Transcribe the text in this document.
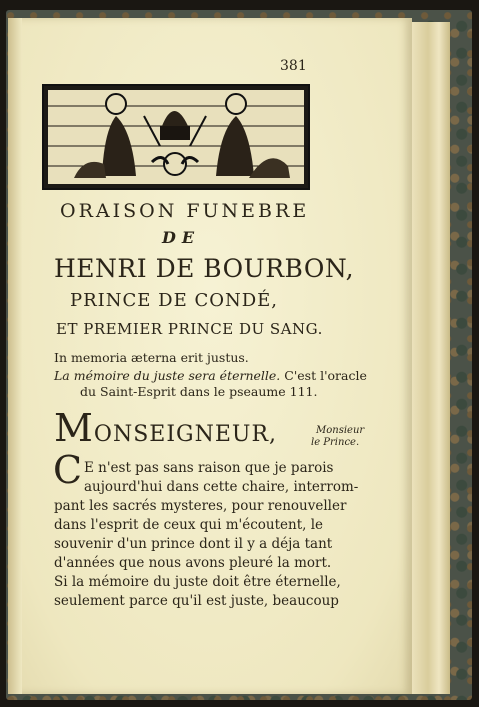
381
ORAISON FUNEBRE
DE
HENRI DE BOURBON,
PRINCE DE CONDÉ,
ET PREMIER PRINCE DU SANG.
In memoria æterna erit justus.
La mémoire du juste sera éternelle. C'est l'oracle
du Saint-Esprit dans le pseaume 111.
MONSEIGNEUR,	Monsieur
le Prince.
C E n'est pas sans raison que je parois
aujourd'hui dans cette chaire, interrom-
pant les sacrés mysteres, pour renouveller
dans l'esprit de ceux qui m'écoutent, le
souvenir d'un prince dont il y a déja tant
d'années que nous avons pleuré la mort.
Si la mémoire du juste doit être éternelle,
seulement parce qu'il est juste, beaucoup
